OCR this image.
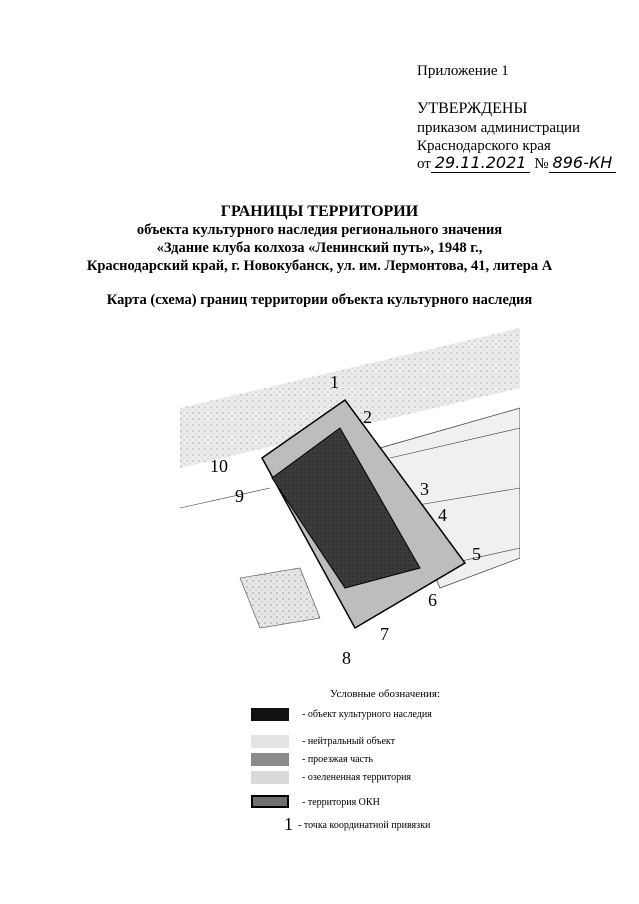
Приложение 1
УТВЕРЖДЕНЫ
приказом администрации
Краснодарского края
от 29.11.2021 № 896-КН
ГРАНИЦЫ ТЕРРИТОРИИ
объекта культурного наследия регионального значения
«Здание клуба колхоза «Ленинский путь», 1948 г.,
Краснодарский край, г. Новокубанск, ул. им. Лермонтова, 41, литера А
Карта (схема) границ территории объекта культурного наследия
1
2
3
4
5
6
7
8
9
10
Условные обозначения:
- объект культурного наследия
- нейтральный объект
- проезжая часть
- озелененная территория
- территория ОКН
1 - точка координатной привязки
